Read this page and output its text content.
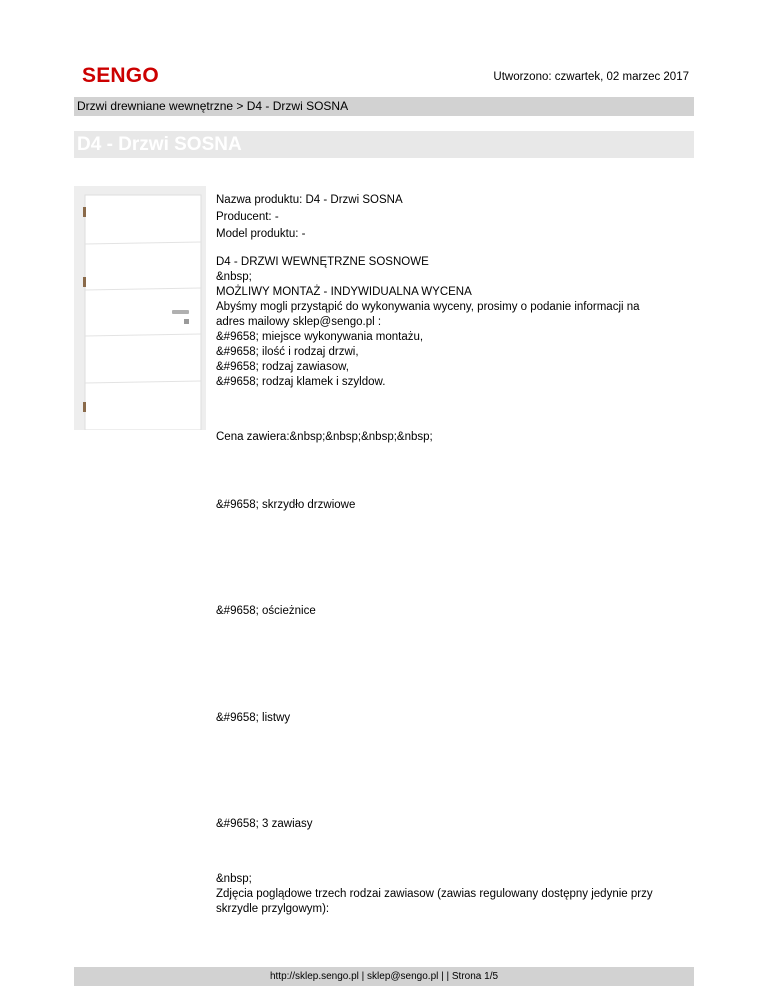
SENGO	Utworzono: czwartek, 02 marzec 2017
Drzwi drewniane wewnętrzne > D4 - Drzwi SOSNA
D4 - Drzwi SOSNA
Nazwa produktu: D4 - Drzwi SOSNA
Producent: -
Model produktu: -

D4 - DRZWI WEWNĘTRZNE SOSNOWE

&nbsp;

MOŻLIWY MONTAŻ - INDYWIDUALNA WYCENA

Abyśmy mogli przystąpić do wykonywania wyceny, prosimy o podanie informacji na

adres mailowy sklep@sengo.pl :

&#9658; miejsce wykonywania montażu,

&#9658; ilość i rodzaj drzwi,

&#9658; rodzaj zawiasow,

&#9658; rodzaj klamek i szyldow.

Cena zawiera:&nbsp;&nbsp;&nbsp;&nbsp;
&#9658; skrzydło drzwiowe
&#9658; ościeżnice
&#9658; listwy
&#9658; 3 zawiasy
&nbsp;
Zdjęcia poglądowe trzech rodzai zawiasow (zawias regulowany dostępny jedynie przy
skrzydle przylgowym):
http://sklep.sengo.pl | sklep@sengo.pl | | Strona 1/5
